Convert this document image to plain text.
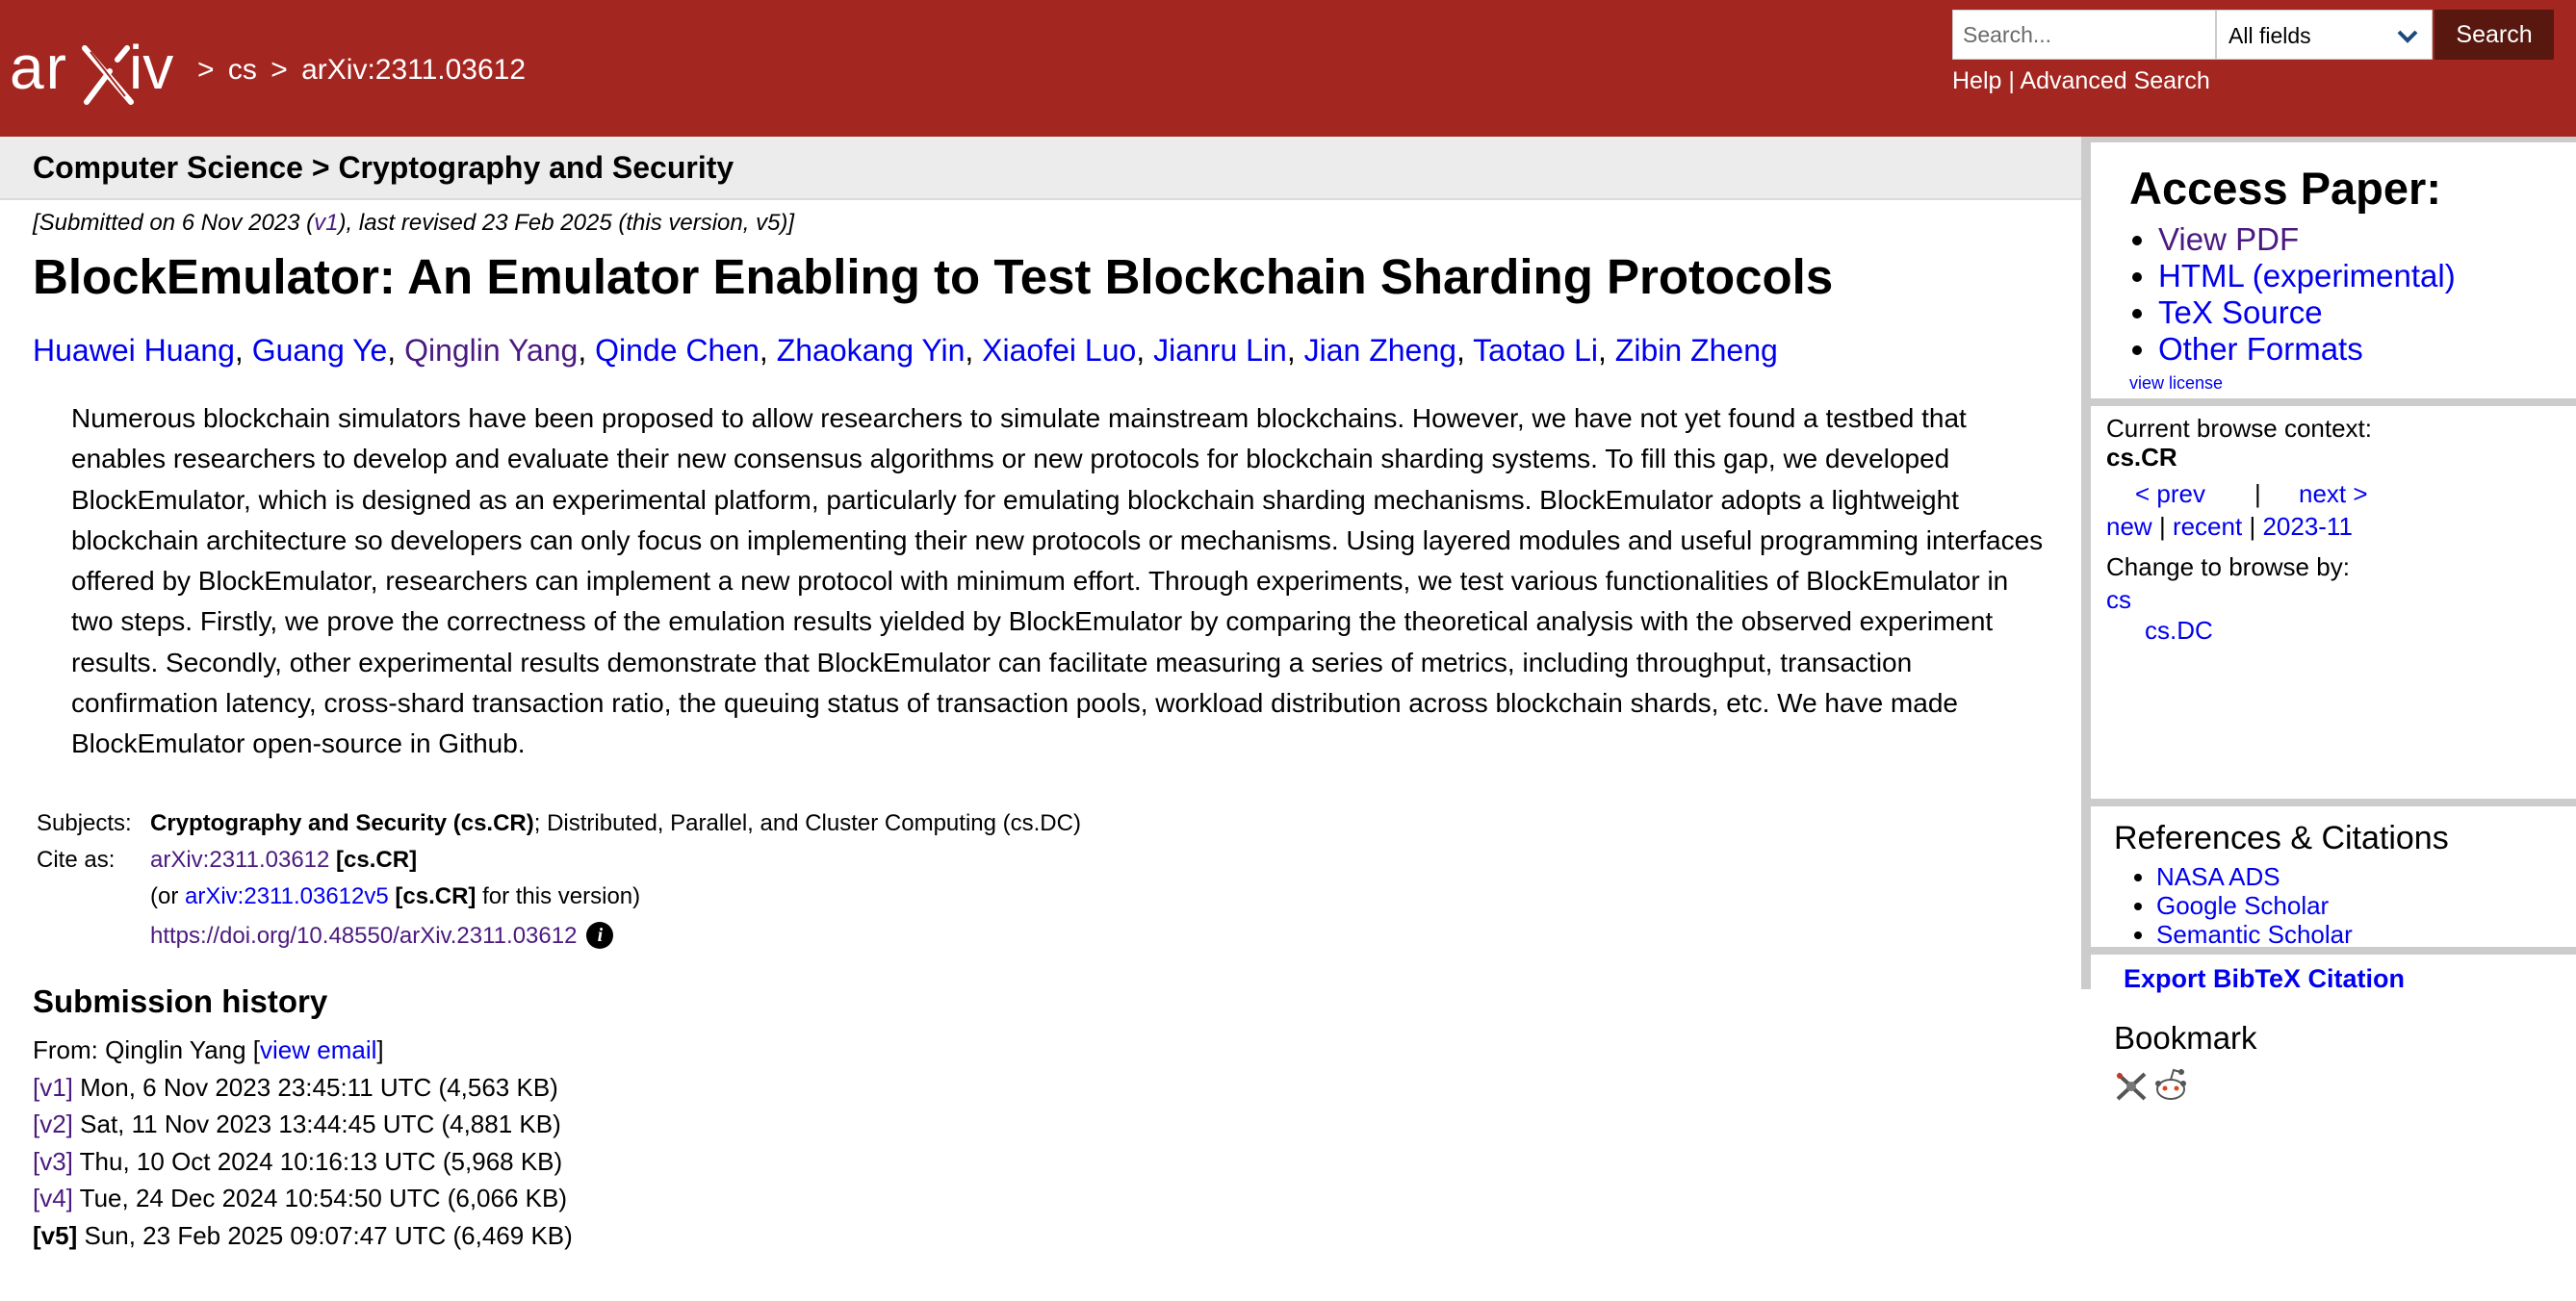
ar iv > cs > arXiv:2311.03612
Search...	All fields	Search
Help | Advanced Search
Computer Science > Cryptography and Security
[Submitted on 6 Nov 2023 (v1), last revised 23 Feb 2025 (this version, v5)]
BlockEmulator: An Emulator Enabling to Test Blockchain Sharding Protocols
Huawei Huang, Guang Ye, Qinglin Yang, Qinde Chen, Zhaokang Yin, Xiaofei Luo, Jianru Lin, Jian Zheng, Taotao Li, Zibin Zheng
Numerous blockchain simulators have been proposed to allow researchers to simulate mainstream blockchains. However, we have not yet found a testbed that enables researchers to develop and evaluate their new consensus algorithms or new protocols for blockchain sharding systems. To fill this gap, we developed BlockEmulator, which is designed as an experimental platform, particularly for emulating blockchain sharding mechanisms. BlockEmulator adopts a lightweight blockchain architecture so developers can only focus on implementing their new protocols or mechanisms. Using layered modules and useful programming interfaces offered by BlockEmulator, researchers can implement a new protocol with minimum effort. Through experiments, we test various functionalities of BlockEmulator in two steps. Firstly, we prove the correctness of the emulation results yielded by BlockEmulator by comparing the theoretical analysis with the observed experiment results. Secondly, other experimental results demonstrate that BlockEmulator can facilitate measuring a series of metrics, including throughput, transaction confirmation latency, cross-shard transaction ratio, the queuing status of transaction pools, workload distribution across blockchain shards, etc. We have made BlockEmulator open-source in Github.
Subjects: Cryptography and Security (cs.CR); Distributed, Parallel, and Cluster Computing (cs.DC)
Cite as: arXiv:2311.03612 [cs.CR]
(or arXiv:2311.03612v5 [cs.CR] for this version)
https://doi.org/10.48550/arXiv.2311.03612 i
Submission history
From: Qinglin Yang [view email]
[v1] Mon, 6 Nov 2023 23:45:11 UTC (4,563 KB)
[v2] Sat, 11 Nov 2023 13:44:45 UTC (4,881 KB)
[v3] Thu, 10 Oct 2024 10:16:13 UTC (5,968 KB)
[v4] Tue, 24 Dec 2024 10:54:50 UTC (6,066 KB)
[v5] Sun, 23 Feb 2025 09:07:47 UTC (6,469 KB)
Access Paper:
• View PDF
• HTML (experimental)
• TeX Source
• Other Formats
view license
Current browse context:
cs.CR
< prev | next >
new | recent | 2023-11
Change to browse by:
cs
cs.DC
References & Citations
• NASA ADS
• Google Scholar
• Semantic Scholar
Export BibTeX Citation
Bookmark
